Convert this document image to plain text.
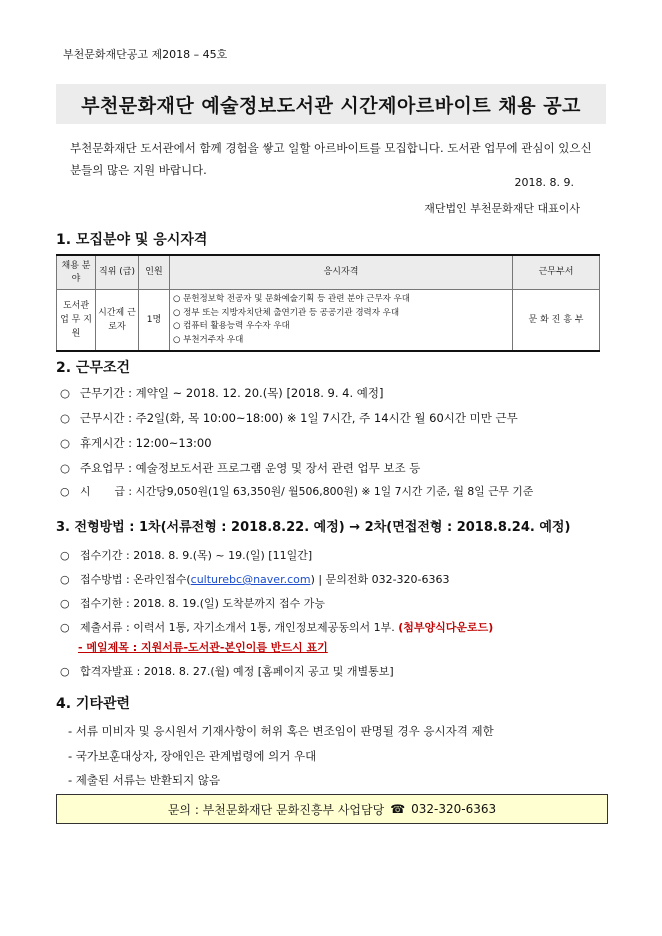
부천문화재단공고 제2018 – 45호
부천문화재단 예술정보도서관 시간제아르바이트 채용 공고
부천문화재단 도서관에서 함께 경험을 쌓고 일할 아르바이트를 모집합니다. 도서관 업무에 관심이 있으신 분들의 많은 지원 바랍니다.
2018. 8. 9.
재단법인 부천문화재단 대표이사
1. 모집분야 및 응시자격
채용 분야	직위 (급)	인원	응시자격	근무부서
도서관 업 무 지 원	시간제 근로자	1명	○ 문헌정보학 전공자 및 문화예술기획 등 관련 분야 근무자 우대
○ 정부 또는 지방자치단체 출연기관 등 공공기관 경력자 우대
○ 컴퓨터 활용능력 우수자 우대
○ 부천거주자 우대	문 화 진 흥 부
2. 근무조건
○ 근무기간 : 계약일 ~ 2018. 12. 20.(목) [2018. 9. 4. 예정]
○ 근무시간 : 주2일(화, 목 10:00~18:00) ※ 1일 7시간, 주 14시간 월 60시간 미만 근무
○ 휴게시간 : 12:00~13:00
○ 주요업무 : 예술정보도서관 프로그램 운영 및 장서 관련 업무 보조 등
○ 시       급 : 시간당9,050원(1일 63,350원/ 월506,800원) ※ 1일 7시간 기준, 월 8일 근무 기준
3. 전형방법 : 1차(서류전형 : 2018.8.22. 예정) → 2차(면접전형 : 2018.8.24. 예정)
○ 접수기간 : 2018. 8. 9.(목) ~ 19.(일) [11일간]
○ 접수방법 : 온라인접수(culturebc@naver.com) | 문의전화 032-320-6363
○ 접수기한 : 2018. 8. 19.(일) 도착분까지 접수 가능
○ 제출서류 : 이력서 1통, 자기소개서 1통, 개인정보제공동의서 1부. (첨부양식다운로드)
- 메일제목 : 지원서류-도서관-본인이름 반드시 표기
○ 합격자발표 : 2018. 8. 27.(월) 예정 [홈페이지 공고 및 개별통보]
4. 기타관련
- 서류 미비자 및 응시원서 기재사항이 허위 혹은 변조임이 판명될 경우 응시자격 제한
- 국가보훈대상자, 장애인은 관계법령에 의거 우대
- 제출된 서류는 반환되지 않음
문의 : 부천문화재단 문화진흥부 사업담당 ☎ 032-320-6363
